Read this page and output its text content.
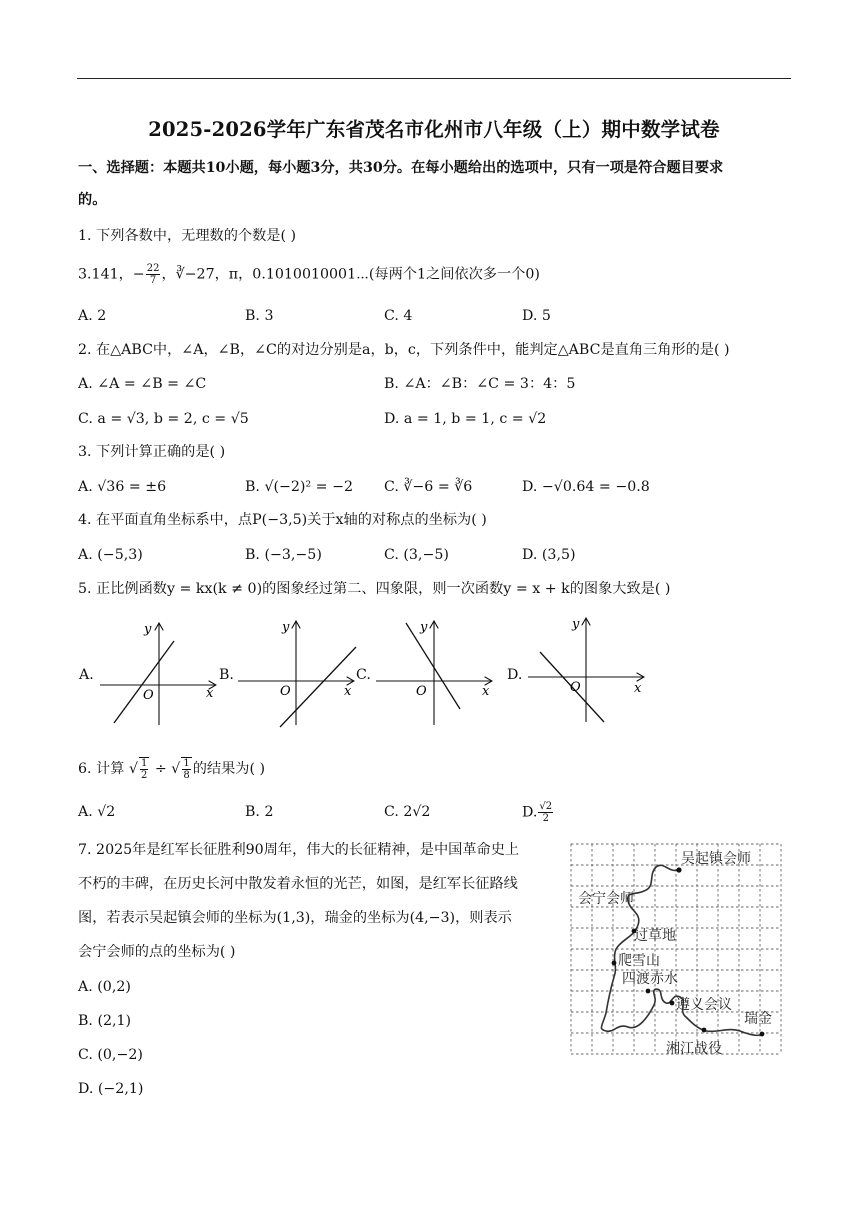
2025-2026学年广东省茂名市化州市八年级（上）期中数学试卷
一、选择题：本题共10小题，每小题3分，共30分。在每小题给出的选项中，只有一项是符合题目要求
的。
1. 下列各数中，无理数的个数是( )
3.141，− $\frac{22}{7}$ ，∛−27，π，0.1010010001⋯(每两个1之间依次多一个0)
A. 2	B. 3	C. 4	D. 5
2. 在△ABC中，∠A，∠B，∠C的对边分别是a，b，c，下列条件中，能判定△ABC是直角三角形的是( )
A. ∠A = ∠B = ∠C	B. ∠A：∠B：∠C = 3：4：5
C. a = √3, b = 2, c = √5	D. a = 1, b = 1, c = √2
3. 下列计算正确的是( )
A. √36 = ±6	B. √(−2)² = −2 C. ∛−6 = ∛6	D. −√0.64 = −0.8
4. 在平面直角坐标系中，点P(−3,5)关于x轴的对称点的坐标为( )
A. (−5,3)	B. (−3,−5)	C. (3,−5)	D. (3,5)
5. 正比例函数y = kx(k ≠ 0)的图象经过第二、四象限，则一次函数y = x + k的图象大致是( )
A.
x
y
O
B.
x
y
O
C.
x
y
O
D.
x
y
O
6. 计算 √ $\frac{1}{2}$ ÷ √ $\frac{1}{8}$ 的结果为( )
A. √2	B. 2	C. 2√2	D. $\frac{√2}{2}$
7. 2025年是红军长征胜利90周年，伟大的长征精神，是中国革命史上
不朽的丰碑，在历史长河中散发着永恒的光芒，如图，是红军长征路线
图，若表示吴起镇会师的坐标为(1,3)，瑞金的坐标为(4,−3)，则表示
会宁会师的点的坐标为( )
A. (0,2)
B. (2,1)
C. (0,−2)
D. (−2,1)
吴起镇会师
会宁会师
过草地
爬雪山
四渡赤水
遵义会议
瑞金
湘江战役
